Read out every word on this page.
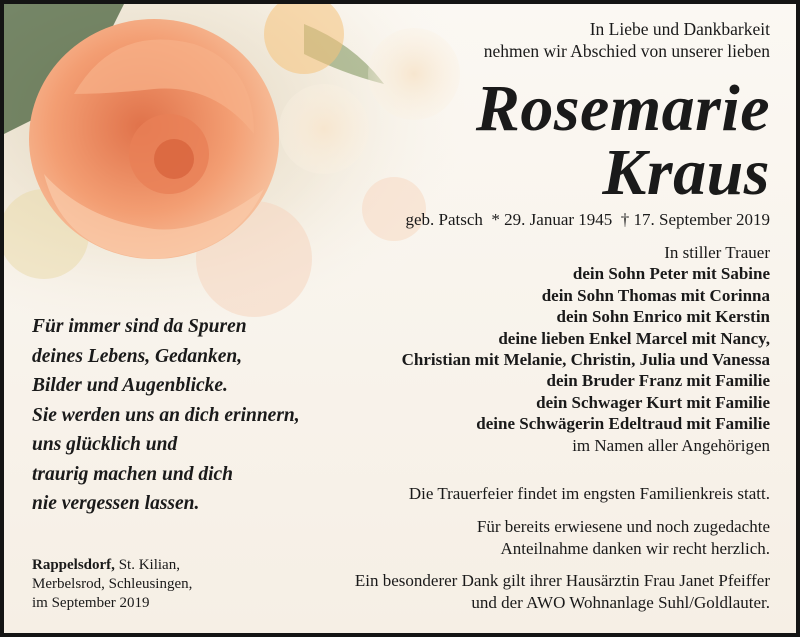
In Liebe und Dankbarkeit
nehmen wir Abschied von unserer lieben
Rosemarie
Kraus
geb. Patsch  * 29. Januar 1945  † 17. September 2019
In stiller Trauer
dein Sohn Peter mit Sabine
dein Sohn Thomas mit Corinna
dein Sohn Enrico mit Kerstin
deine lieben Enkel Marcel mit Nancy,
Christian mit Melanie, Christin, Julia und Vanessa
dein Bruder Franz mit Familie
dein Schwager Kurt mit Familie
deine Schwägerin Edeltraud mit Familie
im Namen aller Angehörigen
Für immer sind da Spuren
deines Lebens, Gedanken,
Bilder und Augenblicke.
Sie werden uns an dich erinnern,
uns glücklich und
traurig machen und dich
nie vergessen lassen.
Rappelsdorf, St. Kilian,
Merbelsrod, Schleusingen,
im September 2019
Die Trauerfeier findet im engsten Familienkreis statt.
Für bereits erwiesene und noch zugedachte
Anteilnahme danken wir recht herzlich.
Ein besonderer Dank gilt ihrer Hausärztin Frau Janet Pfeiffer
und der AWO Wohnanlage Suhl/Goldlauter.
